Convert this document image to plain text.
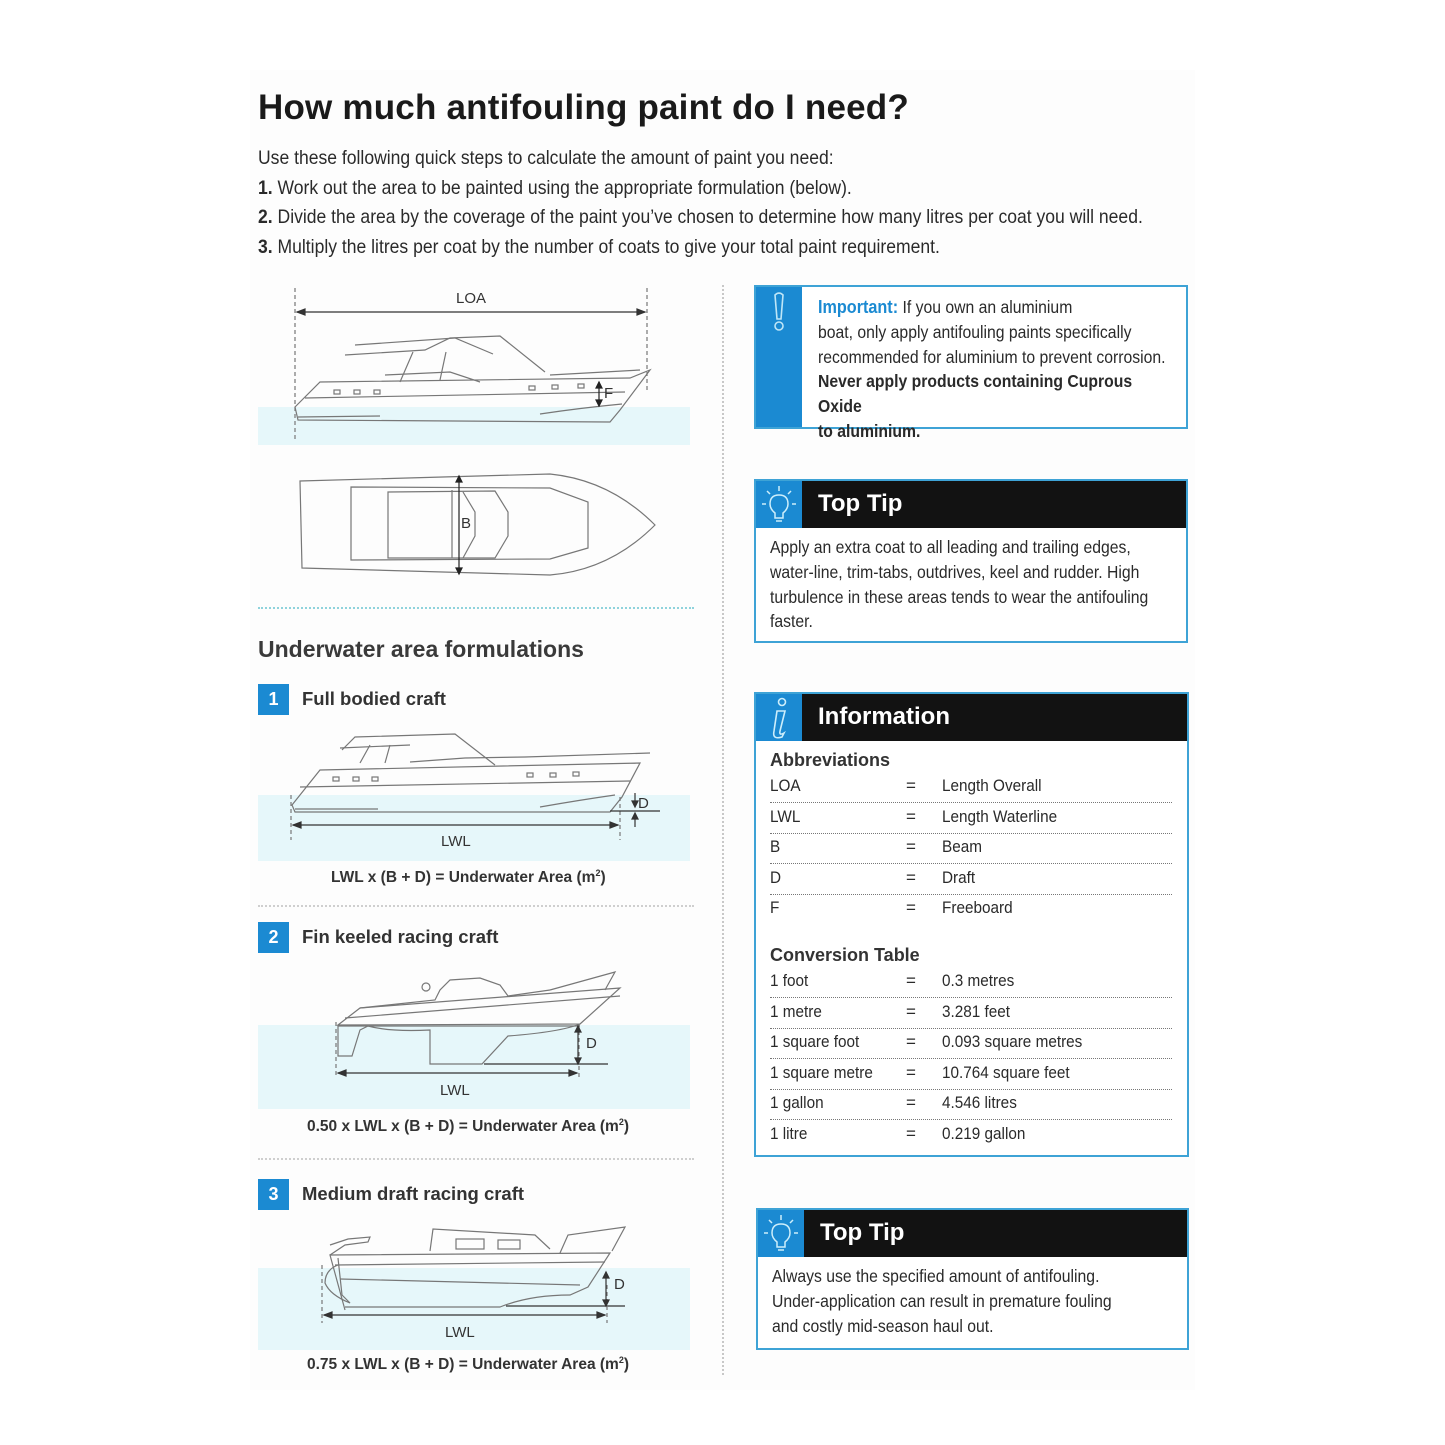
How much antifouling paint do I need?
Use these following quick steps to calculate the amount of paint you need:
1. Work out the area to be painted using the appropriate formulation (below).
2. Divide the area by the coverage of the paint you’ve chosen to determine how many litres per coat you will need.
3. Multiply the litres per coat by the number of coats to give your total paint requirement.
LOA
F
B
Underwater area formulations
1	Full bodied craft
D
LWL
LWL x (B + D) = Underwater Area $(m^2)$
2	Fin keeled racing craft
D
LWL
0.50 x LWL x (B + D) = Underwater Area $(m^2)$
3	Medium draft racing craft
D
LWL
0.75 x LWL x (B + D) = Underwater Area $(m^2)$
Important: If you own an aluminium
boat, only apply antifouling paints specifically
recommended for aluminium to prevent corrosion.
Never apply products containing Cuprous Oxide
to aluminium.
Top Tip
Apply an extra coat to all leading and trailing edges,
water-line, trim-tabs, outdrives, keel and rudder. High
turbulence in these areas tends to wear the antifouling
faster.
Information
Abbreviations
LOA	= Length Overall
LWL	= Length Waterline
B	= Beam
D	= Draft
F	= Freeboard
Conversion Table
1 foot	= 0.3 metres
1 metre	= 3.281 feet
1 square foot	= 0.093 square metres
1 square metre = 10.764 square feet
1 gallon	= 4.546 litres
1 litre	= 0.219 gallon
Top Tip
Always use the specified amount of antifouling.
Under-application can result in premature fouling
and costly mid-season haul out.
